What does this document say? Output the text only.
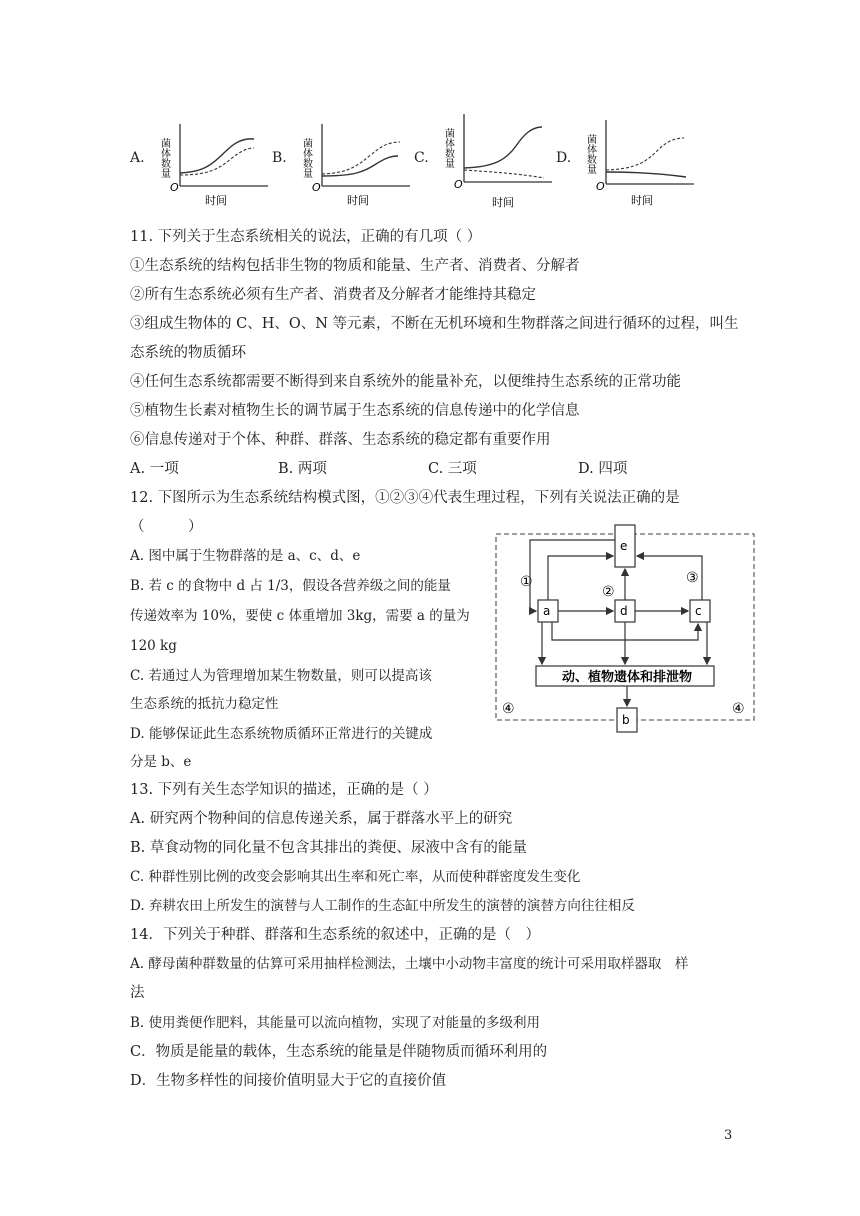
A.	B.	C.	D.
O
时间
菌体数量
O
时间
菌体数量
O
时间
菌体数量
O
时间
菌体数量
11. 下列关于生态系统相关的说法，正确的有几项（ ）
①生态系统的结构包括非生物的物质和能量、生产者、消费者、分解者
②所有生态系统必须有生产者、消费者及分解者才能维持其稳定
③组成生物体的 C、H、O、N 等元素，不断在无机环境和生物群落之间进行循环的过程，叫生
态系统的物质循环
④任何生态系统都需要不断得到来自系统外的能量补充，以便维持生态系统的正常功能
⑤植物生长素对植物生长的调节属于生态系统的信息传递中的化学信息
⑥信息传递对于个体、种群、群落、生态系统的稳定都有重要作用
A. 一项	B. 两项	C. 三项	D. 四项
12. 下图所示为生态系统结构模式图，①②③④代表生理过程，下列有关说法正确的是
（　　　）
A. 图中属于生物群落的是 a、c、d、e
B. 若 c 的食物中 d 占 1/3，假设各营养级之间的能量
传递效率为 10%，要使 c 体重增加 3kg，需要 a 的量为
120 kg
C. 若通过人为管理增加某生物数量，则可以提高该
生态系统的抵抗力稳定性
D. 能够保证此生态系统物质循环正常进行的关键成
分是 b、e
e
a	d	c
动、植物遗体和排泄物
b
①
②
③
④	④
13. 下列有关生态学知识的描述，正确的是（ ）
A. 研究两个物种间的信息传递关系，属于群落水平上的研究
B. 草食动物的同化量不包含其排出的粪便、尿液中含有的能量
C. 种群性别比例的改变会影响其出生率和死亡率，从而使种群密度发生变化
D. 弃耕农田上所发生的演替与人工制作的生态缸中所发生的演替的演替方向往往相反
14．下列关于种群、群落和生态系统的叙述中，正确的是（　）
A. 酵母菌种群数量的估算可采用抽样检测法，土壤中小动物丰富度的统计可采用取样器取　样
法
B. 使用粪便作肥料，其能量可以流向植物，实现了对能量的多级利用
C．物质是能量的载体，生态系统的能量是伴随物质而循环利用的
D．生物多样性的间接价值明显大于它的直接价值
3
